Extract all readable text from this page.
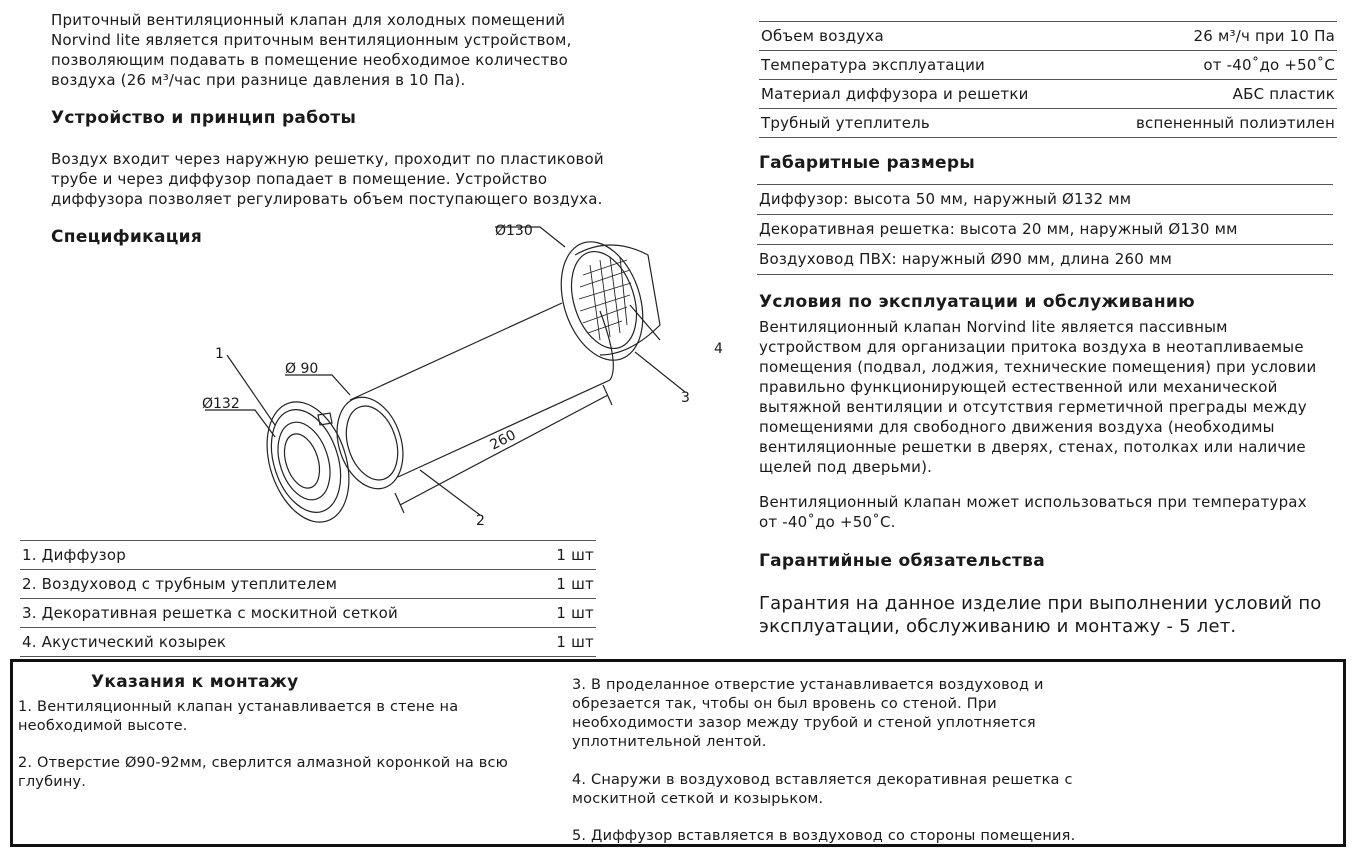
Приточный вентиляционный клапан для холодных помещений
Norvind lite является приточным вентиляционным устройством,
позволяющим подавать в помещение необходимое количество
воздуха (26 м³/час при разнице давления в 10 Па).

Устройство и принцип работы

Воздух входит через наружную решетку, проходит по пластиковой
трубе и через диффузор попадает в помещение. Устройство
диффузора позволяет регулировать объем поступающего воздуха.

Спецификация	Ø130
Ø 90
Ø132
260
1
2
3
4
1. Диффузор	1 шт
2. Воздуховод с трубным утеплителем	1 шт
3. Декоративная решетка с москитной сеткой	1 шт
4. Акустический козырек	1 шт
Объем воздуха	26 м³/ч при 10 Па
Температура эксплуатации	от -40˚до +50˚С
Материал диффузора и решетки	АБС пластик
Трубный утеплитель	вспененный полиэтилен
Габаритные размеры
Диффузор: высота 50 мм, наружный Ø132 мм
Декоративная решетка: высота 20 мм, наружный Ø130 мм
Воздуховод ПВХ: наружный Ø90 мм, длина 260 мм
Условия по эксплуатации и обслуживанию

Вентиляционный клапан Norvind lite является пассивным
устройством для организации притока воздуха в неотапливаемые
помещения (подвал, лоджия, технические помещения) при условии
правильно функционирующей естественной или механической
вытяжной вентиляции и отсутствия герметичной преграды между
помещениями для свободного движения воздуха (необходимы
вентиляционные решетки в дверях, стенах, потолках или наличие
щелей под дверьми).

Вентиляционный клапан может использоваться при температурах
от -40˚до +50˚С.

Гарантийные обязательства

Гарантия на данное изделие при выполнении условий по
эксплуатации, обслуживанию и монтажу - 5 лет.

Указания к монтажу

1. Вентиляционный клапан устанавливается в стене на
необходимой высоте.

2. Отверстие Ø90-92мм, сверлится алмазной коронкой на всю
глубину.

3. В проделанное отверстие устанавливается воздуховод и
обрезается так, чтобы он был вровень со стеной. При
необходимости зазор между трубой и стеной уплотняется
уплотнительной лентой.

4. Снаружи в воздуховод вставляется декоративная решетка с
москитной сеткой и козырьком.

5. Диффузор вставляется в воздуховод со стороны помещения.
